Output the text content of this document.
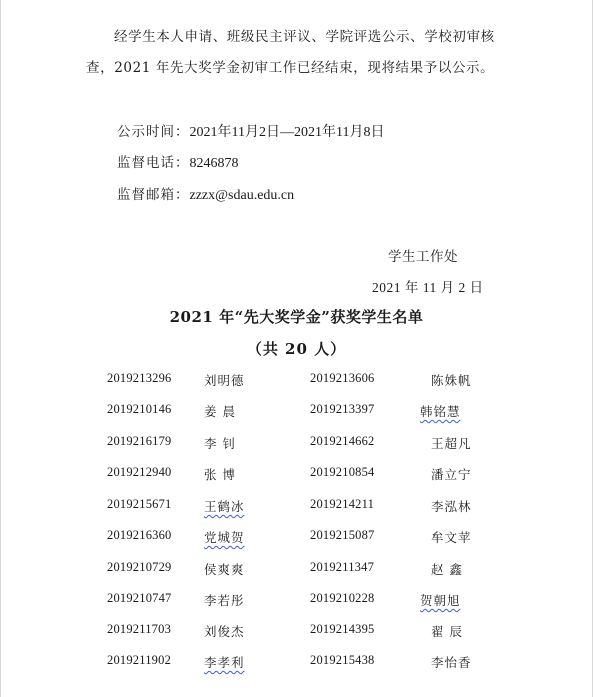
经学生本人申请、班级民主评议、学院评选公示、学校初审核查，2021 年先大奖学金初审工作已经结束，现将结果予以公示。

公示时间：2021年11月2日—2021年11月8日
监督电话：8246878
监督邮箱：zzzx@sdau.edu.cn
学生工作处
2021 年 11 月 2 日
2021 年“先大奖学金”获奖学生名单
（共 20 人）
2019213296	刘明德	2019213606	陈姝帆
2019210146	姜 晨	2019213397	韩铭慧
2019216179	李 钊	2019214662	王超凡
2019212940	张 博	2019210854	潘立宁
2019215671	王鹤冰	2019214211	李泓林
2019216360	党城贺	2019215087	牟文苹
2019210729	侯爽爽	2019211347	赵 鑫
2019210747	李若彤	2019210228	贺朝旭
2019211703	刘俊杰	2019214395	翟 辰
2019211902	李孝利	2019215438	李怡香
